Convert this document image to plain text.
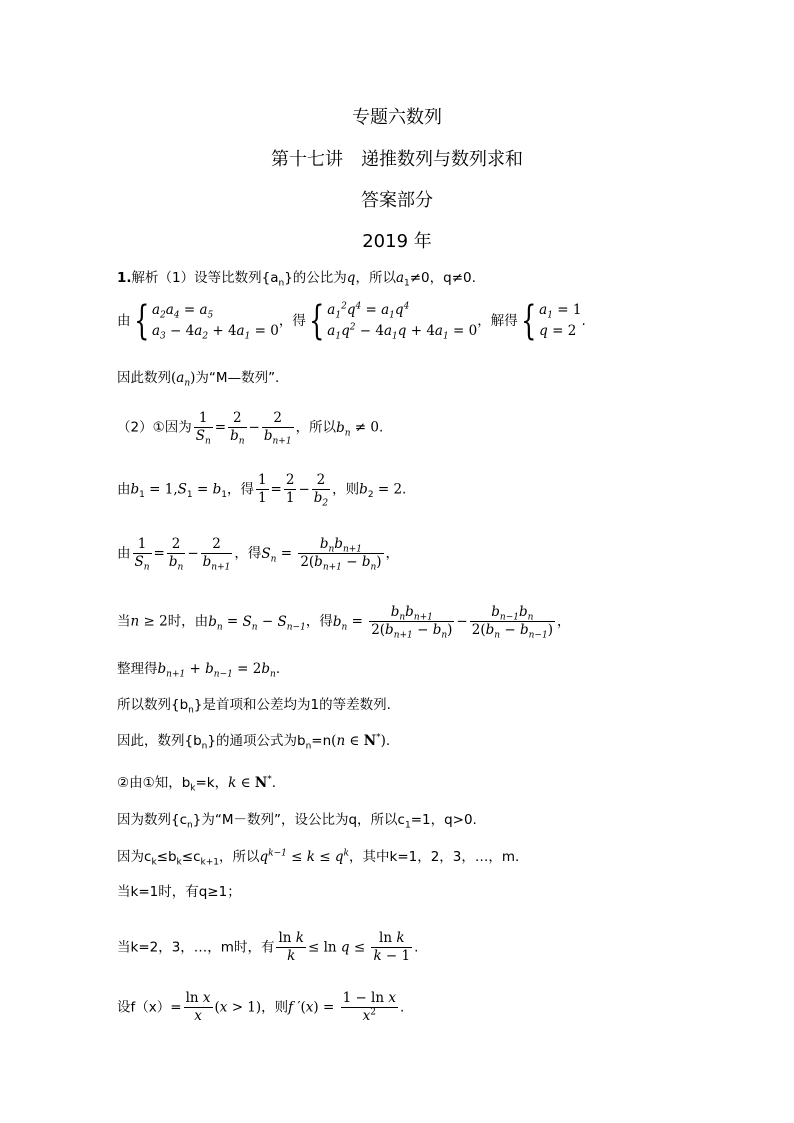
专题六数列
第十七讲　递推数列与数列求和
答案部分
2019 年
1.解析（1）设等比数列$\{a_n\}$的公比为q，所以$a_1\ne 0$，q≠0.
由{ $a_2a_4 = a_5$
$a_3 - 4a_2 + 4a_1 = 0$
，得{ $a_1^2q^4 = a_1q^4$
$a_1q^2 - 4a_1q + 4a_1 = 0$
，解得{ $a_1 = 1$
q = 2
.
因此数列$(a_n)$为“M—数列”.
（2）①因为 $\frac{1}{S_n} = \frac{2}{b_n} - \frac{2}{b_{n+1}}$ ，所以$b_n \ne 0$.
由$b_1 = 1,S_1 = b_1$，得 $\frac{1}{1} = \frac{2}{1} - \frac{2}{b_2}$ ，则$b_2 = 2$.
由 $\frac{1}{S_n} = \frac{2}{b_n} - \frac{2}{b_{n+1}}$ ，得$S_n = \frac{b_nb_{n+1}}{2(b_{n+1} - b_n)}$ ，
当n ≥ 2时，由$b_n = S_n - S_{n-1}$，得$b_n = \frac{b_nb_{n+1}}{2(b_{n+1} - b_n)} - \frac{b_{n-1}b_n}{2(b_n - b_{n-1})}$ ，
整理得$b_{n+1} + b_{n-1} = 2b_n$.
所以数列$\{b_n\}$是首项和公差均为1的等差数列.
因此，数列$\{b_n\}$的通项公式为$b_n=n(n$ ∈ N*).
②由①知，$b_k=k$，k ∈ N*.
因为数列$\{c_n\}$为“M－数列”，设公比为q，所以$c_1=1$，q>0.
因为$c_k\le b_k\le c_{k+1}$，所以$q^{k-1} \le k \le q^k$，其中k=1，2，3，…，m.
当k=1时，有q≥1；
当k=2，3，…，m时，有 $\frac{\text{ln k}}{k} \le \ln q \le \frac{\text{ln k}}{k - 1}$ .
设$f(x)= \frac{\text{ln x}}{x} (x > 1)$，则f $'(x) = \frac{\text{1 − ln x}}{x^2}$ .
